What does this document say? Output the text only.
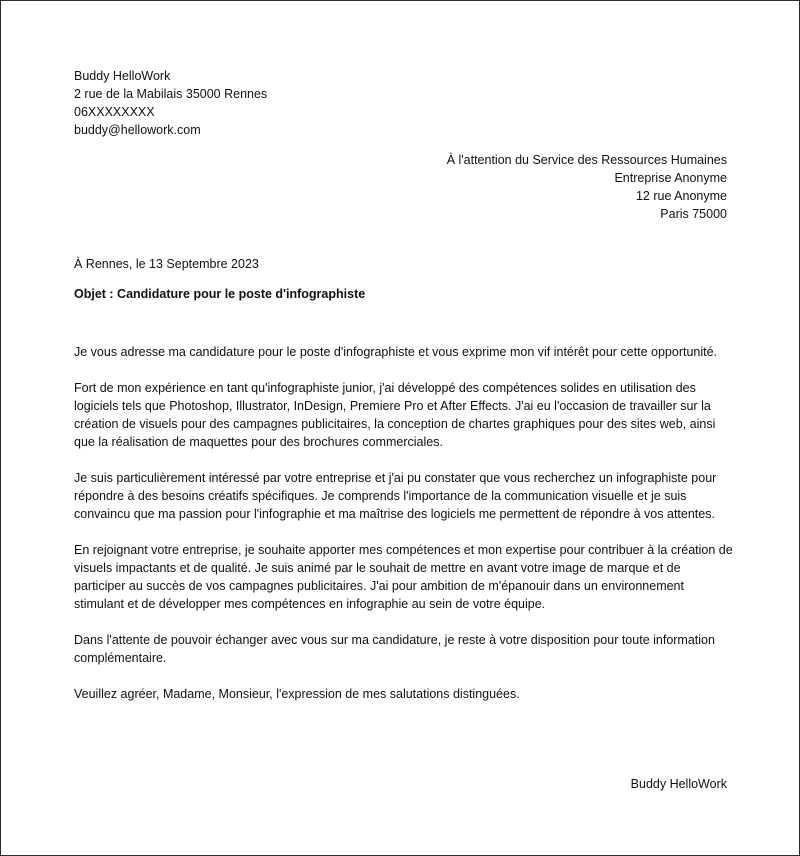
Buddy HelloWork
2 rue de la Mabilais 35000 Rennes
06XXXXXXXX
buddy@hellowork.com
À l'attention du Service des Ressources Humaines
Entreprise Anonyme
12 rue Anonyme
Paris 75000
À Rennes, le 13 Septembre 2023
Objet : Candidature pour le poste d'infographiste

Je vous adresse ma candidature pour le poste d'infographiste et vous exprime mon vif intérêt pour cette opportunité.

Fort de mon expérience en tant qu'infographiste junior, j'ai développé des compétences solides en utilisation des logiciels tels que Photoshop, Illustrator, InDesign, Premiere Pro et After Effects. J'ai eu l'occasion de travailler sur la création de visuels pour des campagnes publicitaires, la conception de chartes graphiques pour des sites web, ainsi que la réalisation de maquettes pour des brochures commerciales.

Je suis particulièrement intéressé par votre entreprise et j'ai pu constater que vous recherchez un infographiste pour répondre à des besoins créatifs spécifiques. Je comprends l'importance de la communication visuelle et je suis convaincu que ma passion pour l'infographie et ma maîtrise des logiciels me permettent de répondre à vos attentes.

En rejoignant votre entreprise, je souhaite apporter mes compétences et mon expertise pour contribuer à la création de visuels impactants et de qualité. Je suis animé par le souhait de mettre en avant votre image de marque et de participer au succès de vos campagnes publicitaires. J'ai pour ambition de m'épanouir dans un environnement stimulant et de développer mes compétences en infographie au sein de votre équipe.

Dans l'attente de pouvoir échanger avec vous sur ma candidature, je reste à votre disposition pour toute information complémentaire.

Veuillez agréer, Madame, Monsieur, l'expression de mes salutations distinguées.

Buddy HelloWork
